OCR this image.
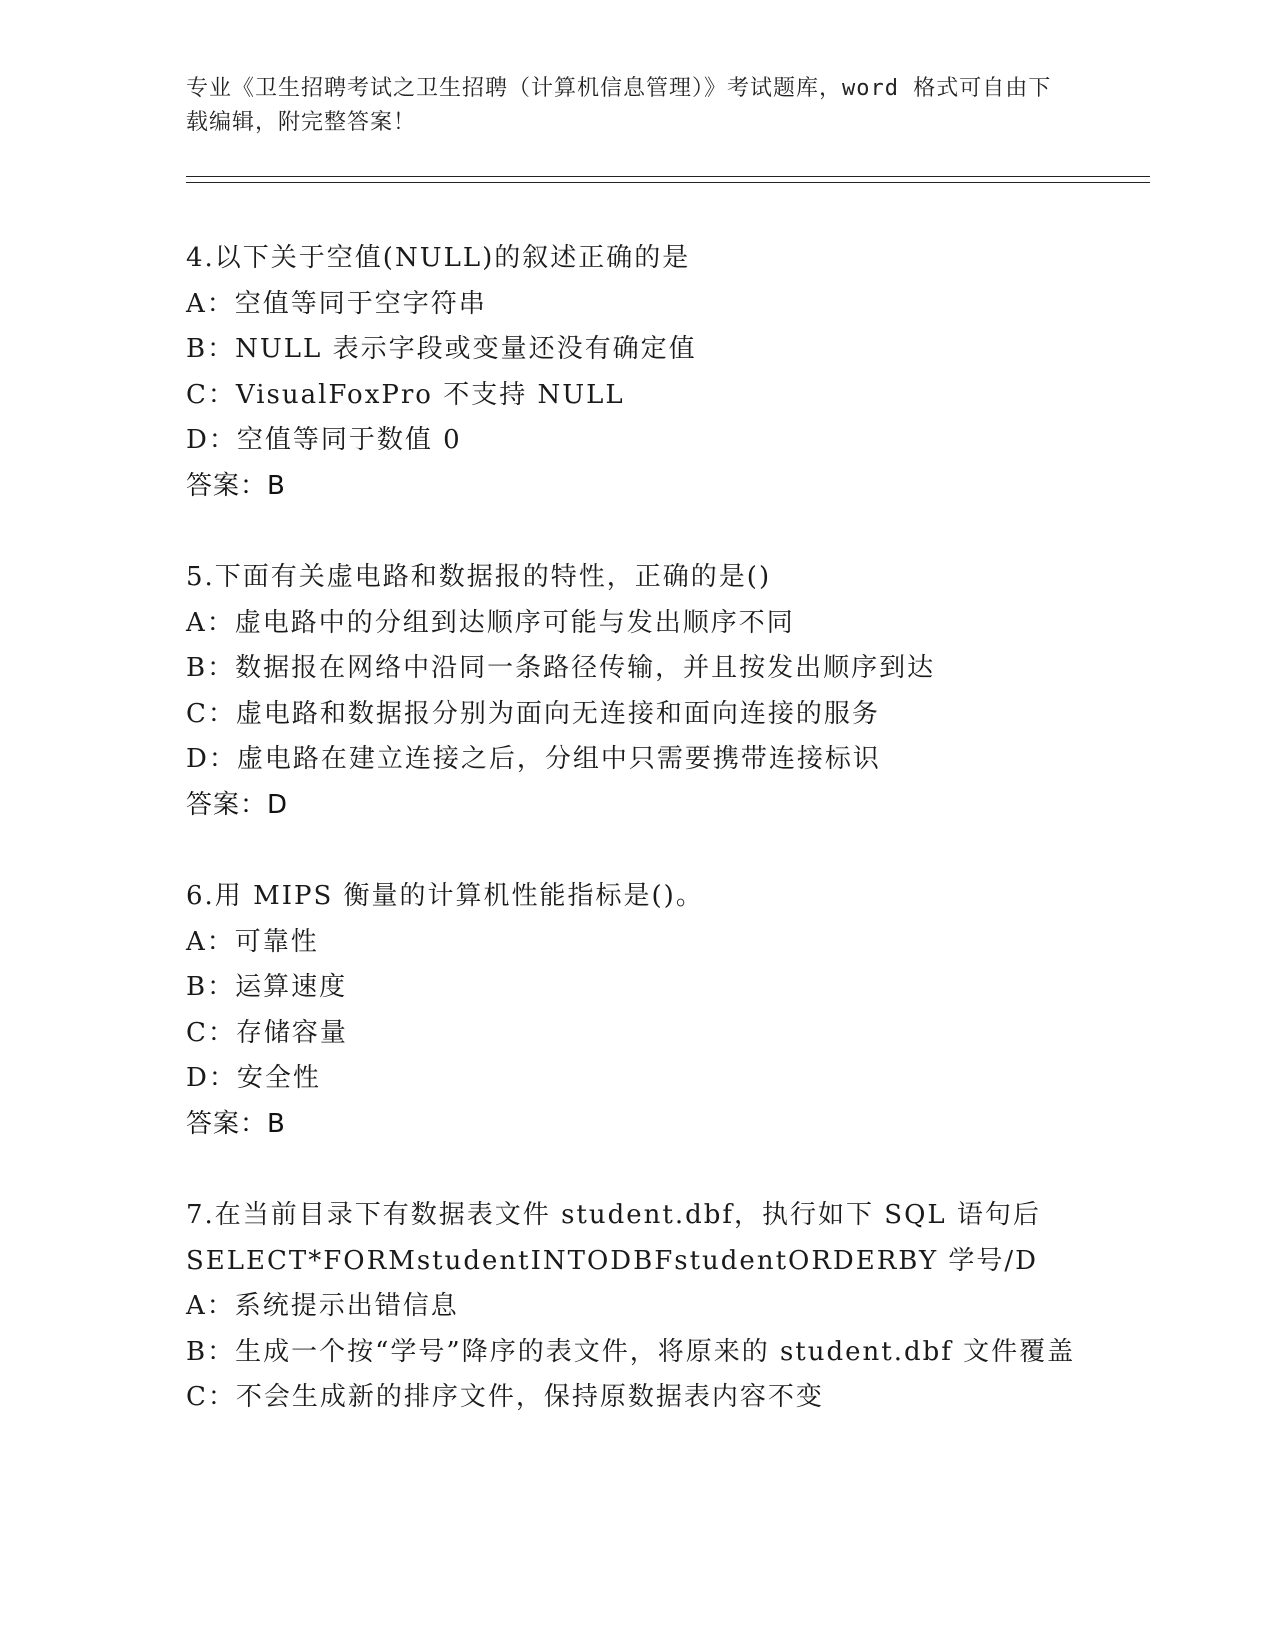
专业《卫生招聘考试之卫生招聘（计算机信息管理）》考试题库，word 格式可自由下载编辑，附完整答案！
4.以下关于空值(NULL)的叙述正确的是
A：空值等同于空字符串
B：NULL 表示字段或变量还没有确定值
C：VisualFoxPro 不支持 NULL
D：空值等同于数值 0
答案：B
5.下面有关虚电路和数据报的特性，正确的是()
A：虚电路中的分组到达顺序可能与发出顺序不同
B：数据报在网络中沿同一条路径传输，并且按发出顺序到达
C：虚电路和数据报分别为面向无连接和面向连接的服务
D：虚电路在建立连接之后，分组中只需要携带连接标识
答案：D
6.用 MIPS 衡量的计算机性能指标是()。
A：可靠性
B：运算速度
C：存储容量
D：安全性
答案：B
7.在当前目录下有数据表文件 student.dbf，执行如下 SQL 语句后
SELECT*FORMstudentINTODBFstudentORDERBY 学号/D
A：系统提示出错信息
B：生成一个按“学号”降序的表文件，将原来的 student.dbf 文件覆盖
C：不会生成新的排序文件，保持原数据表内容不变
